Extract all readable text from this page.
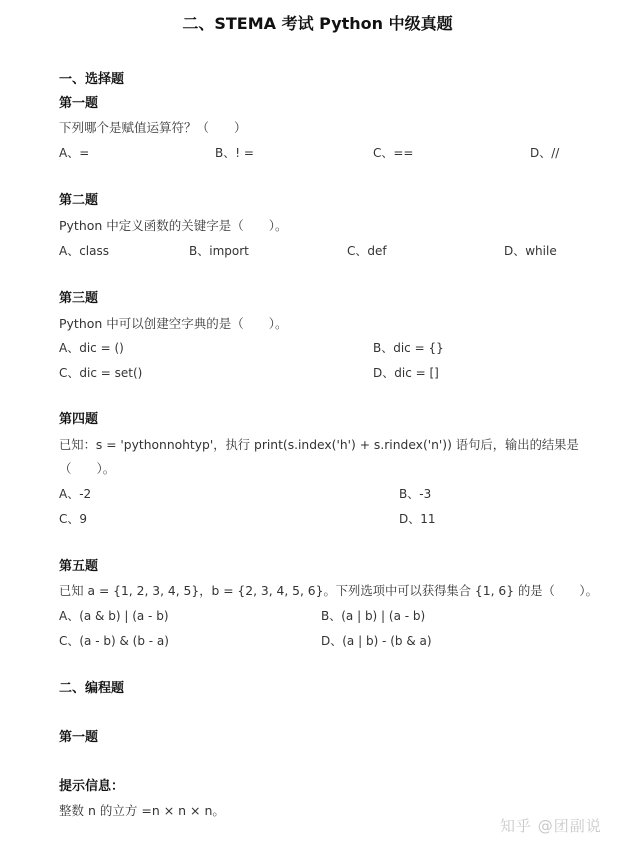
二、STEMA 考试 Python 中级真题
一、选择题
第一题
下列哪个是赋值运算符？（　　）
A、=	B、! =	C、==	D、//
第二题
Python 中定义函数的关键字是（　　）。
A、class	B、import	C、def	D、while
第三题
Python 中可以创建空字典的是（　　）。
A、dic = ()	B、dic = {}
C、dic = set()	D、dic = []
第四题
已知：s = 'pythonnohtyp'，执行 print(s.index('h') + s.rindex('n')) 语句后，输出的结果是
（　　）。
A、-2	B、-3
C、9	D、11
第五题
已知 a = {1, 2, 3, 4, 5}，b = {2, 3, 4, 5, 6}。下列选项中可以获得集合 {1, 6} 的是（　　）。
A、(a & b) | (a - b)	B、(a | b) | (a - b)
C、(a - b) & (b - a)	D、(a | b) - (b & a)
二、编程题
第一题
提示信息：
整数 n 的立方 =n × n × n。
知乎 @团副说
